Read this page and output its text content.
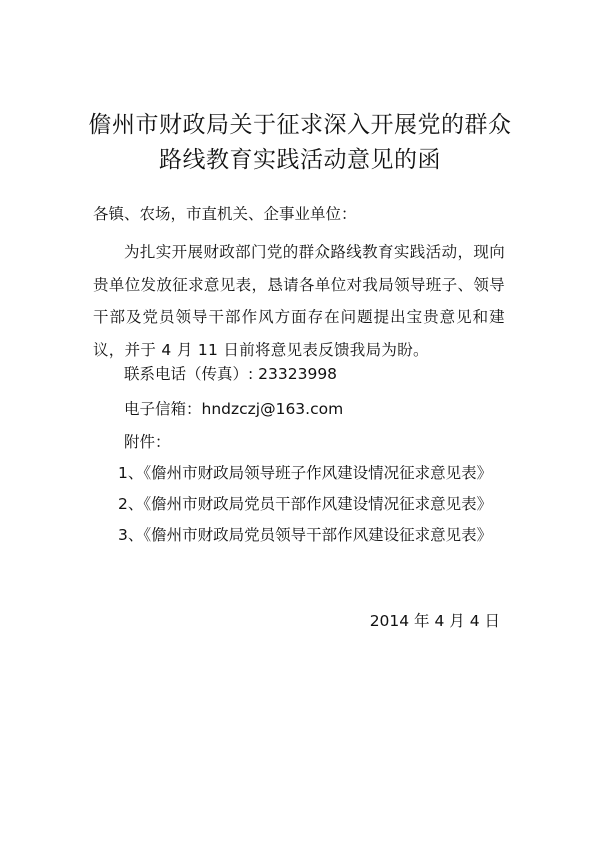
儋州市财政局关于征求深入开展党的群众
路线教育实践活动意见的函
各镇、农场，市直机关、企事业单位：
为扎实开展财政部门党的群众路线教育实践活动，现向贵单位发放征求意见表，恳请各单位对我局领导班子、领导干部及党员领导干部作风方面存在问题提出宝贵意见和建议，并于 4 月 11 日前将意见表反馈我局为盼。
联系电话（传真）: 23323998
电子信箱：hndzczj@163.com
附件：
1、《儋州市财政局领导班子作风建设情况征求意见表》
2、《儋州市财政局党员干部作风建设情况征求意见表》
3、《儋州市财政局党员领导干部作风建设征求意见表》
2014 年 4 月 4 日
